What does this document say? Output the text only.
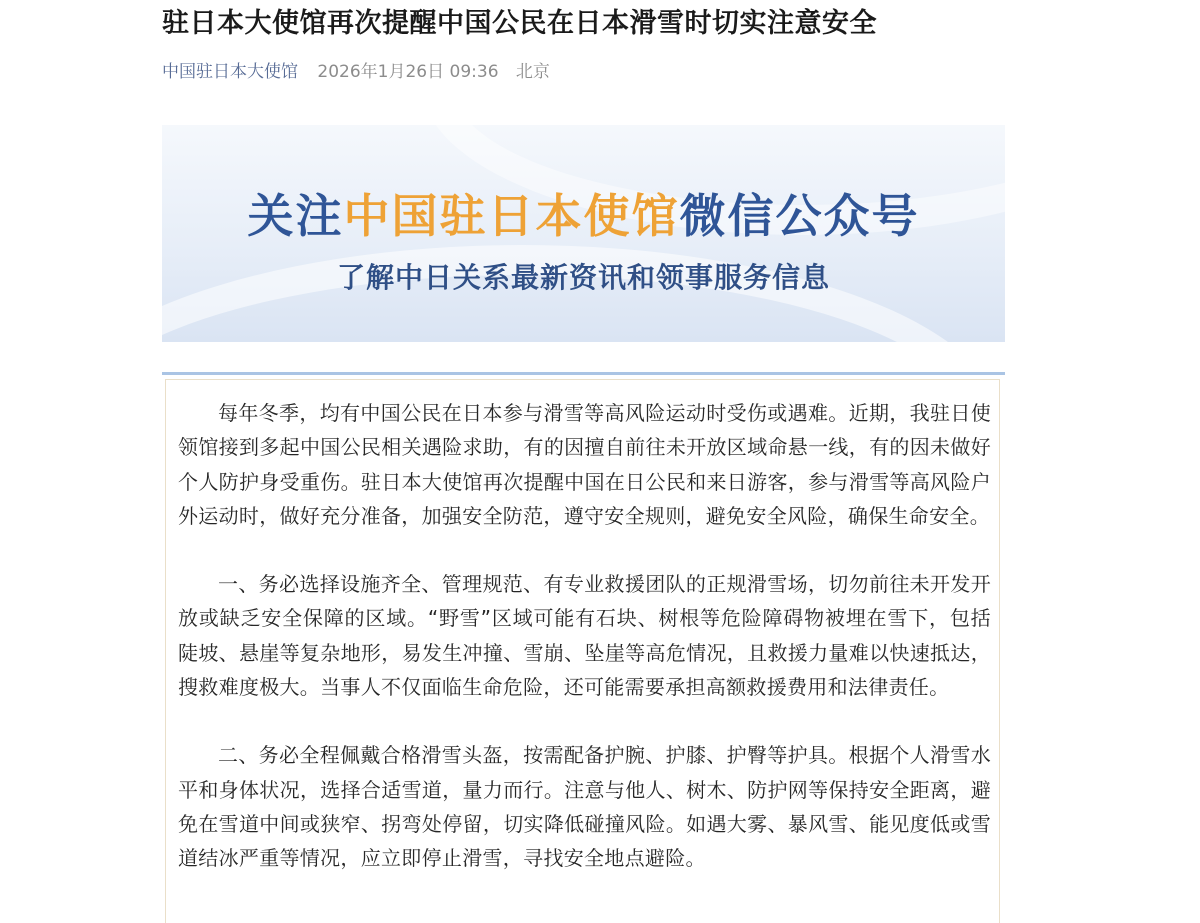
驻日本大使馆再次提醒中国公民在日本滑雪时切实注意安全
中国驻日本大使馆 2026年1月26日 09:36 北京
关注中国驻日本使馆微信公众号
了解中日关系最新资讯和领事服务信息

每年冬季，均有中国公民在日本参与滑雪等高风险运动时受伤或遇难。近期，我驻日使领馆接到多起中国公民相关遇险求助，有的因擅自前往未开放区域命悬一线，有的因未做好个人防护身受重伤。驻日本大使馆再次提醒中国在日公民和来日游客，参与滑雪等高风险户外运动时，做好充分准备，加强安全防范，遵守安全规则，避免安全风险，确保生命安全。

一、务必选择设施齐全、管理规范、有专业救援团队的正规滑雪场，切勿前往未开发开放或缺乏安全保障的区域。“野雪”区域可能有石块、树根等危险障碍物被埋在雪下，包括陡坡、悬崖等复杂地形，易发生冲撞、雪崩、坠崖等高危情况，且救援力量难以快速抵达，搜救难度极大。当事人不仅面临生命危险，还可能需要承担高额救援费用和法律责任。

二、务必全程佩戴合格滑雪头盔，按需配备护腕、护膝、护臀等护具。根据个人滑雪水平和身体状况，选择合适雪道，量力而行。注意与他人、树木、防护网等保持安全距离，避免在雪道中间或狭窄、拐弯处停留，切实降低碰撞风险。如遇大雾、暴风雪、能见度低或雪道结冰严重等情况，应立即停止滑雪，寻找安全地点避险。
